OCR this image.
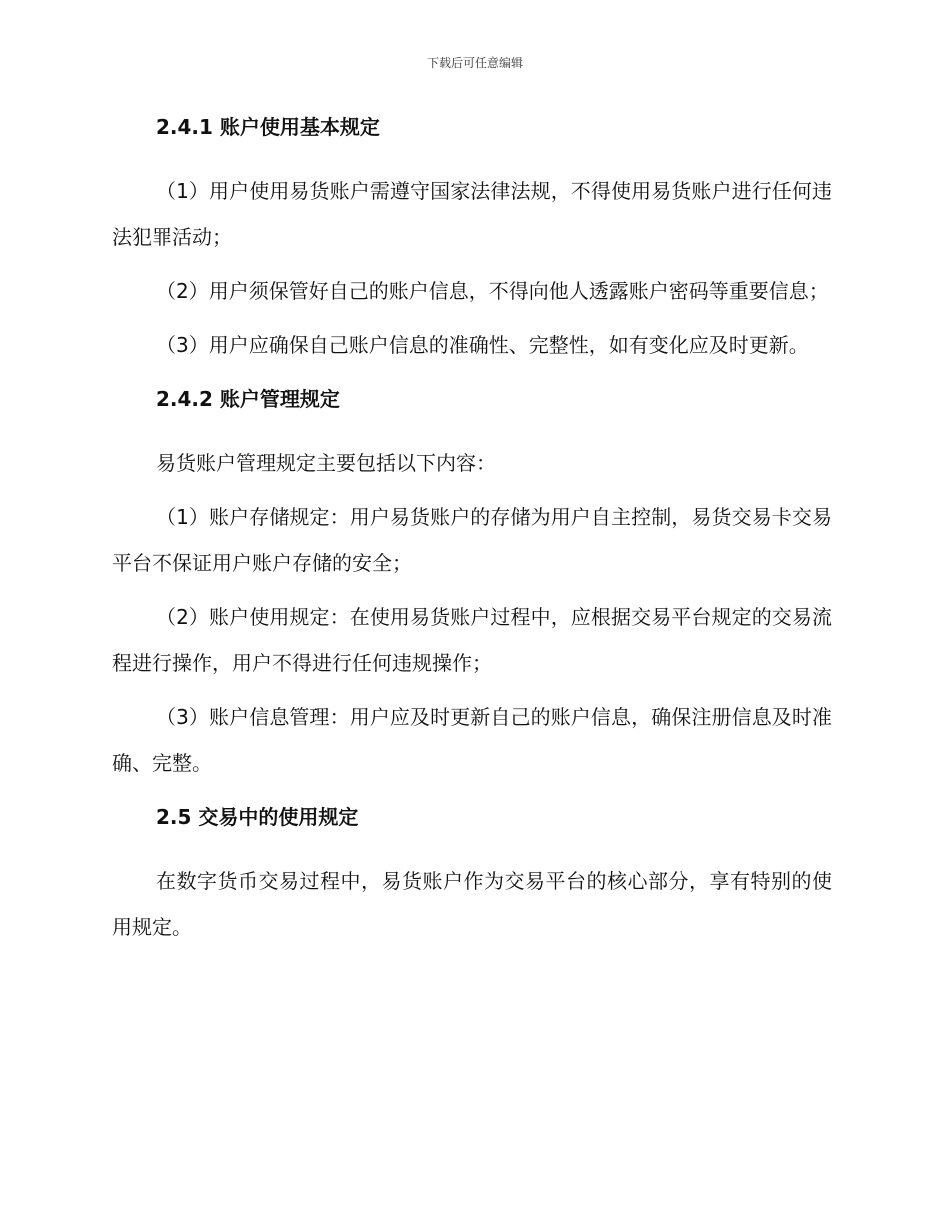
下载后可任意编辑
2.4.1 账户使用基本规定

（1）用户使用易货账户需遵守国家法律法规，不得使用易货账户进行任何违法犯罪活动；

（2）用户须保管好自己的账户信息，不得向他人透露账户密码等重要信息；

（3）用户应确保自己账户信息的准确性、完整性，如有变化应及时更新。

2.4.2 账户管理规定

易货账户管理规定主要包括以下内容：

（1）账户存储规定：用户易货账户的存储为用户自主控制，易货交易卡交易平台不保证用户账户存储的安全；

（2）账户使用规定：在使用易货账户过程中，应根据交易平台规定的交易流程进行操作，用户不得进行任何违规操作；

（3）账户信息管理：用户应及时更新自己的账户信息，确保注册信息及时准确、完整。

2.5 交易中的使用规定

在数字货币交易过程中，易货账户作为交易平台的核心部分，享有特别的使用规定。
